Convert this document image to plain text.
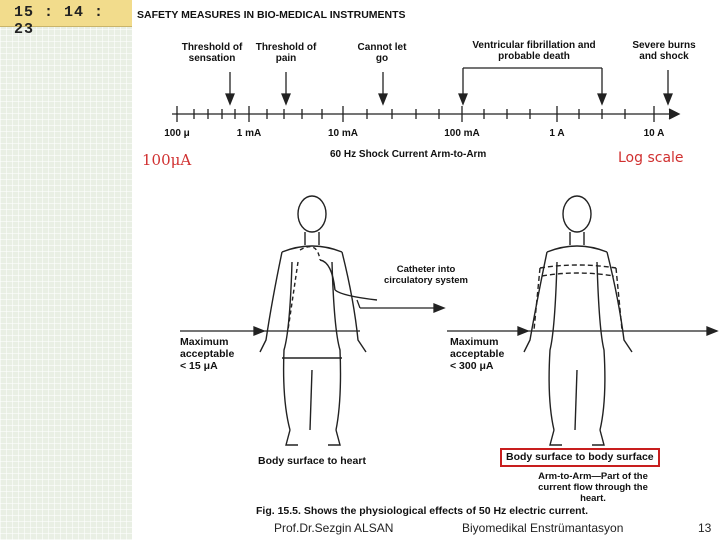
15 : 14 : 23
SAFETY MEASURES IN BIO-MEDICAL INSTRUMENTS
Threshold of sensation
Threshold of pain
Cannot let go
Ventricular fibrillation and probable death
Severe burns and shock
100 μ	1 mA	10 mA	100 mA	1 A	10 A
60 Hz Shock Current Arm-to-Arm
100μA	Log scale
Catheter into circulatory system
Maximum
acceptable
< 15 μA
Body surface to heart
Maximum
acceptable
< 300 μA
Body surface to body surface
Arm-to-Arm—Part of the current flow through the heart.
Fig. 15.5. Shows the physiological effects of 50 Hz electric current.
Prof.Dr.Sezgin ALSAN	Biyomedikal Enstrümantasyon	13
